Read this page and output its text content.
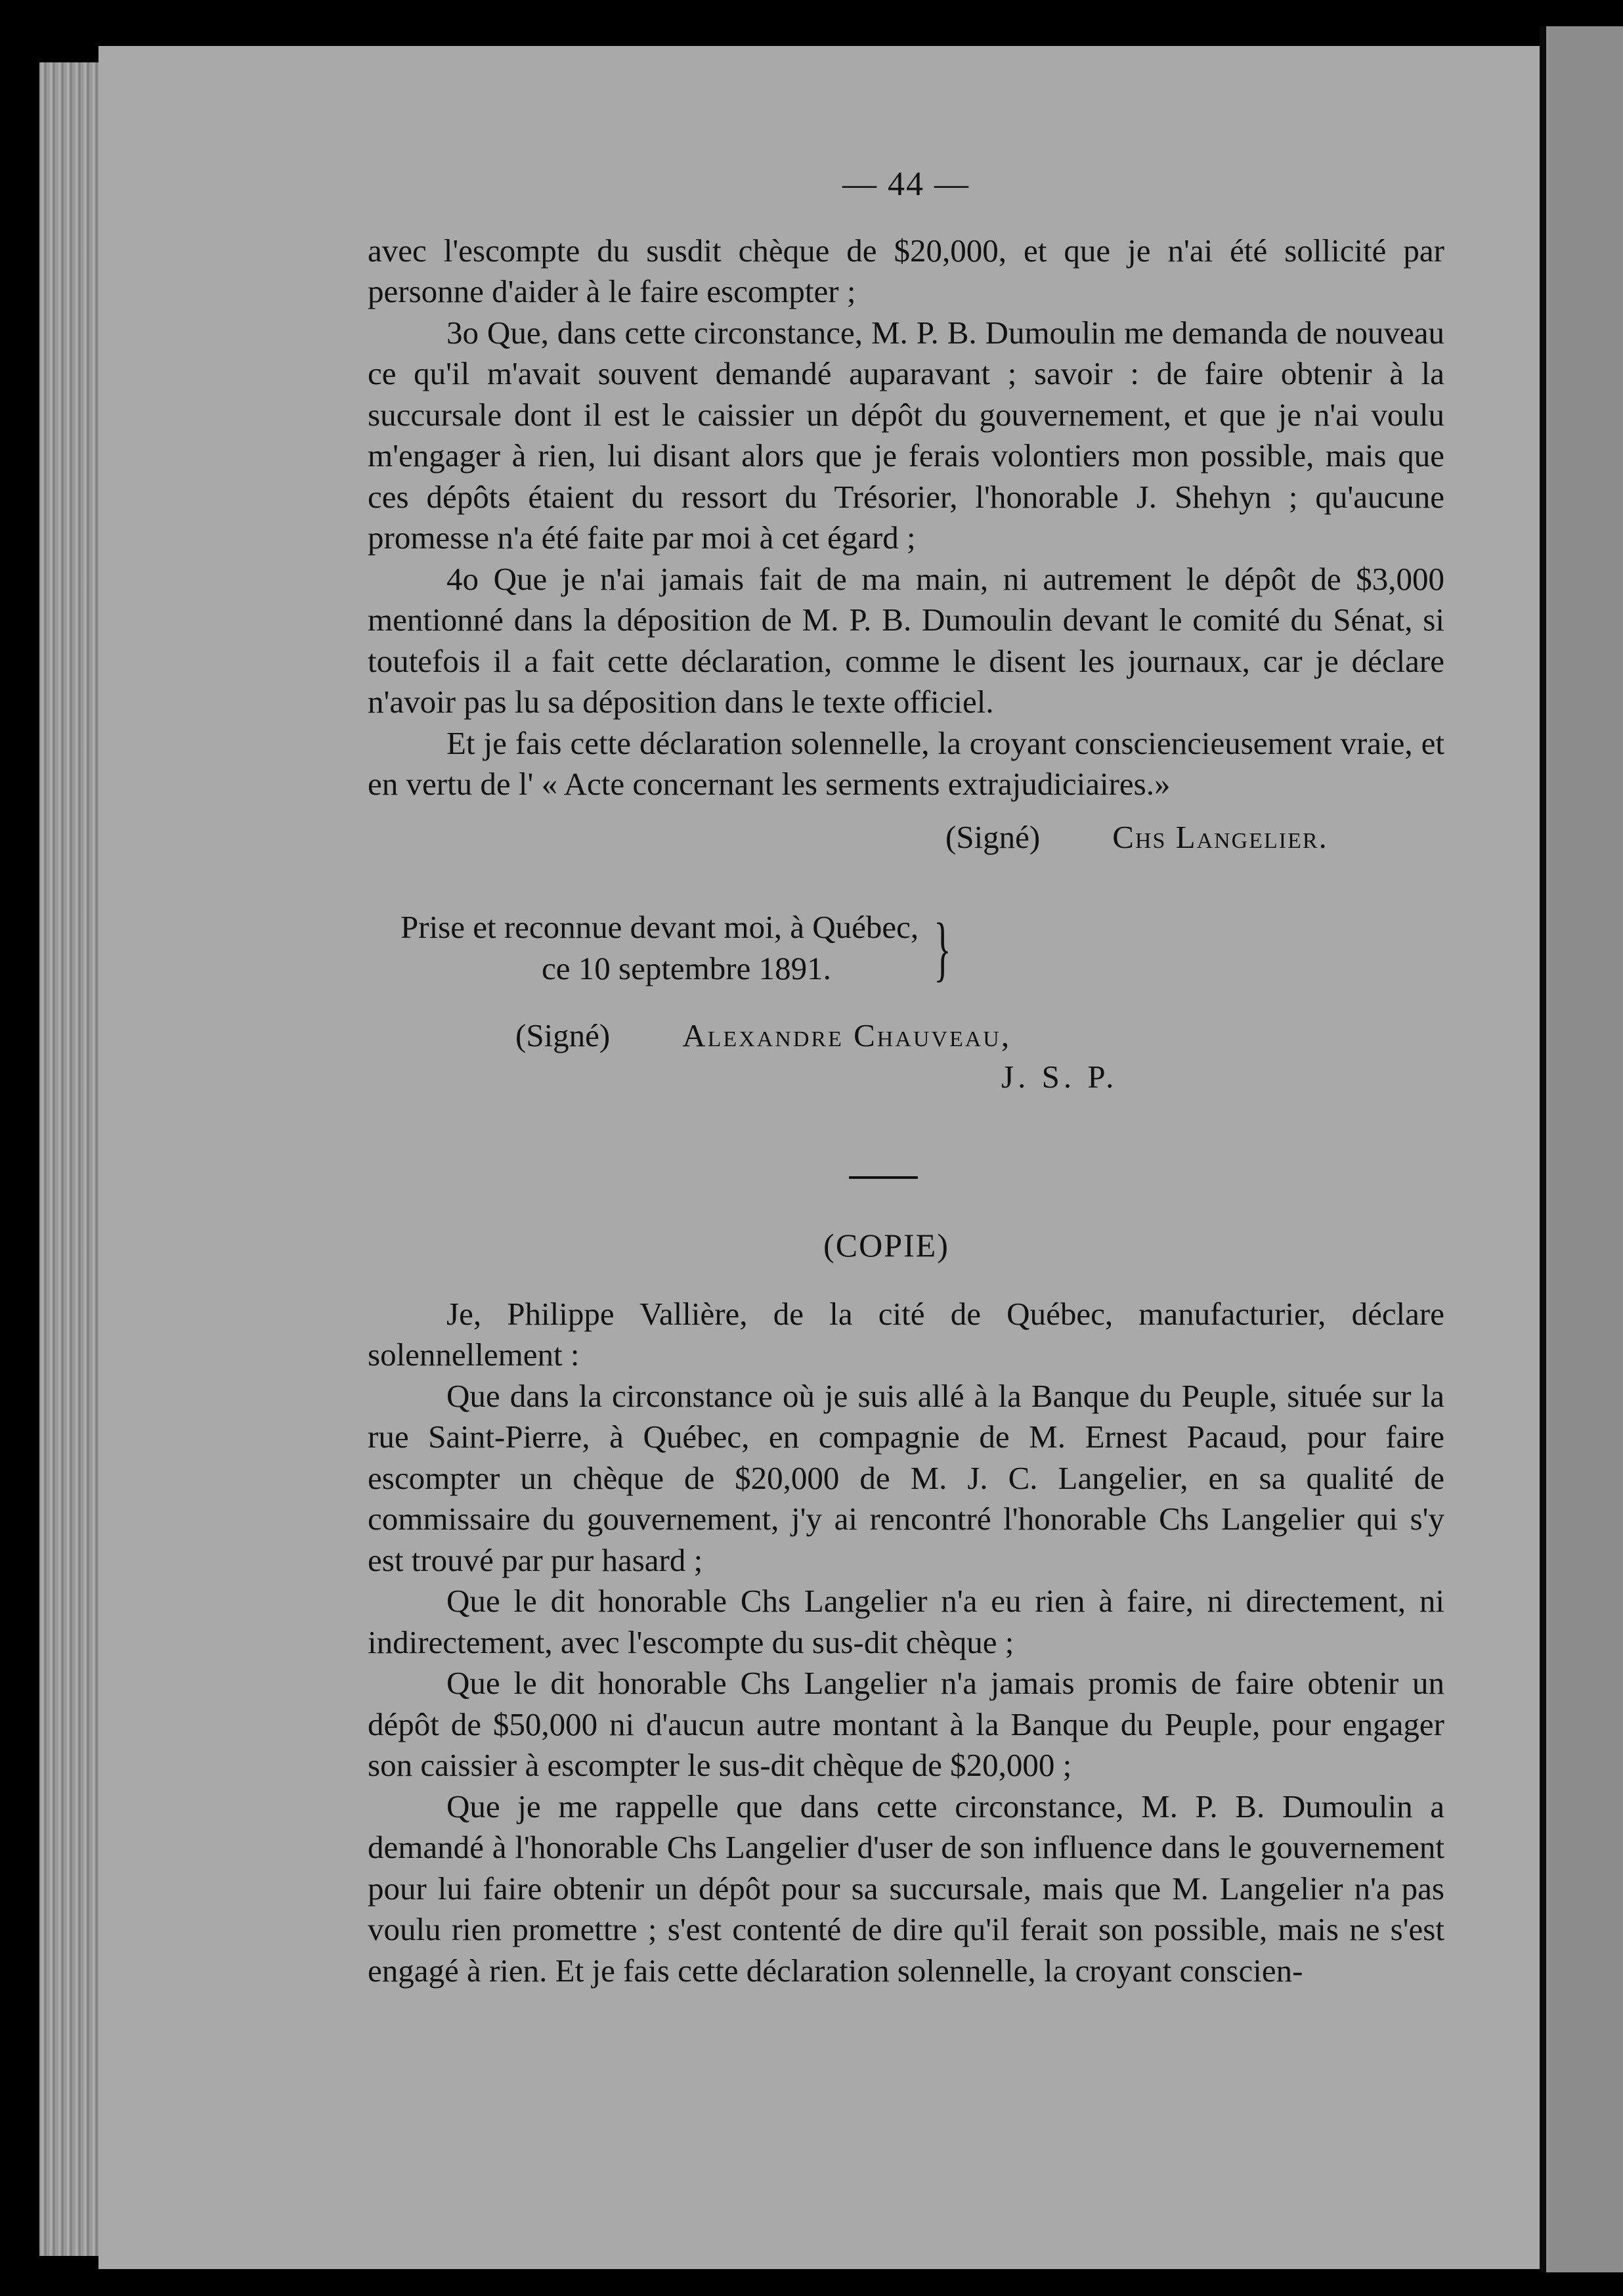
— 44 —

avec l'escompte du susdit chèque de $20,000, et que je n'ai été sollicité par personne d'aider à le faire escompter ;

3o Que, dans cette circonstance, M. P. B. Dumoulin me demanda de nouveau ce qu'il m'avait souvent demandé auparavant ; savoir : de faire obtenir à la succursale dont il est le caissier un dépôt du gouvernement, et que je n'ai voulu m'engager à rien, lui disant alors que je ferais volontiers mon possible, mais que ces dépôts étaient du ressort du Trésorier, l'honorable J. Shehyn ; qu'aucune promesse n'a été faite par moi à cet égard ;

4o Que je n'ai jamais fait de ma main, ni autrement le dépôt de $3,000 mentionné dans la déposition de M. P. B. Dumoulin devant le comité du Sénat, si toutefois il a fait cette déclaration, comme le disent les journaux, car je déclare n'avoir pas lu sa déposition dans le texte officiel.

Et je fais cette déclaration solennelle, la croyant consciencieusement vraie, et en vertu de l' « Acte concernant les serments extrajudiciaires.»

(Signé) Chs Langelier.
Prise et reconnue devant moi, à Québec,
ce 10 septembre 1891.	}
(Signé) Alexandre Chauveau,
J. S. P.
(COPIE)

Je, Philippe Vallière, de la cité de Québec, manufacturier, déclare solennellement :

Que dans la circonstance où je suis allé à la Banque du Peuple, située sur la rue Saint-Pierre, à Québec, en compagnie de M. Ernest Pacaud, pour faire escompter un chèque de $20,000 de M. J. C. Langelier, en sa qualité de commissaire du gouvernement, j'y ai rencontré l'honorable Chs Langelier qui s'y est trouvé par pur hasard ;

Que le dit honorable Chs Langelier n'a eu rien à faire, ni directement, ni indirectement, avec l'escompte du sus-dit chèque ;

Que le dit honorable Chs Langelier n'a jamais promis de faire obtenir un dépôt de $50,000 ni d'aucun autre montant à la Banque du Peuple, pour engager son caissier à escompter le sus-dit chèque de $20,000 ;

Que je me rappelle que dans cette circonstance, M. P. B. Dumoulin a demandé à l'honorable Chs Langelier d'user de son influence dans le gouvernement pour lui faire obtenir un dépôt pour sa succursale, mais que M. Langelier n'a pas voulu rien promettre ; s'est contenté de dire qu'il ferait son possible, mais ne s'est engagé à rien. Et je fais cette déclaration solennelle, la croyant conscien-
